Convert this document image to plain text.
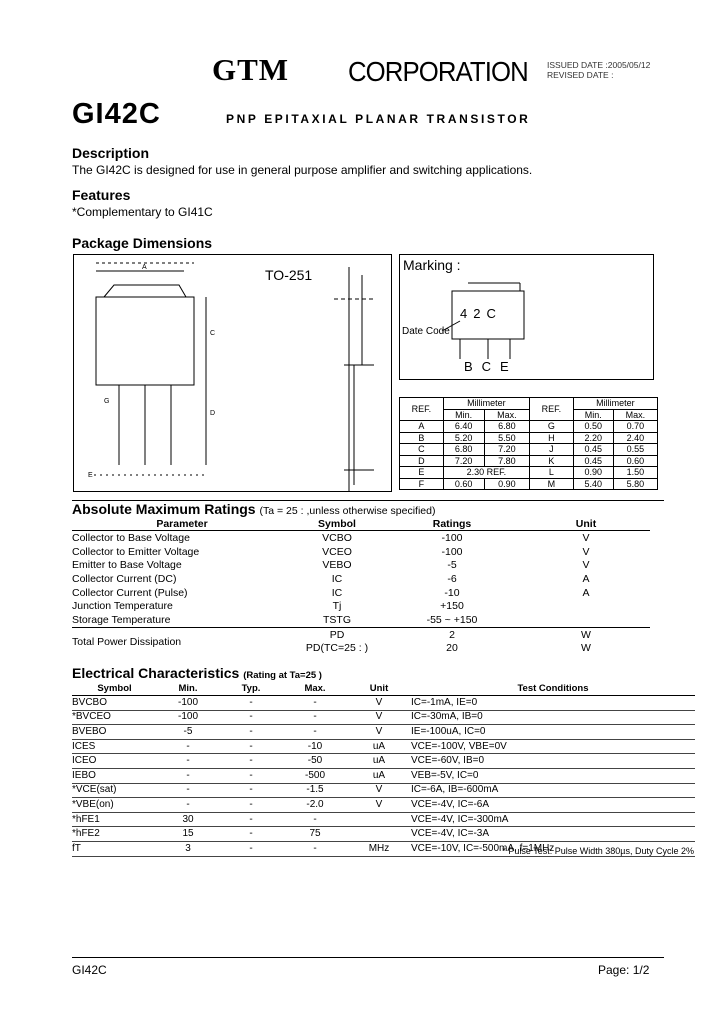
GTM CORPORATION ISSUED DATE :2005/05/12
REVISED DATE :
GI42C	PNP EPITAXIAL PLANAR TRANSISTOR
Description
The GI42C is designed for use in general purpose amplifier and switching applications.
Features
*Complementary to GI41C
Package Dimensions
A
C
D
G
E
TO-251
Marking :
42C
Date Code
BCE
REF.	Millimeter		REF.	Millimeter	
	Min.	Max.		Min.	Max.
A	6.40	6.80	G	0.50	0.70
B	5.20	5.50	H	2.20	2.40
C	6.80	7.20	J	0.45	0.55
D	7.20	7.80	K	0.45	0.60
E	2.30 REF.		L	0.90	1.50
F	0.60	0.90	M	5.40	5.80
Absolute Maximum Ratings (Ta = 25 : ,unless otherwise specified)
Parameter	Symbol	Ratings	Unit
Collector to Base Voltage	VCBO	-100	V
Collector to Emitter Voltage	VCEO	-100	V
Emitter to Base Voltage	VEBO	-5	V
Collector Current (DC)	IC	-6	A
Collector Current (Pulse)	IC	-10	A
Junction Temperature	Tj	+150	
Storage Temperature	TSTG	-55 ~ +150	
Total Power Dissipation	PD	2	W
	PD(TC=25 : )	20	W
Electrical Characteristics (Rating at Ta=25 )
Symbol	Min.	Typ.	Max.	Unit	Test Conditions
BVCBO	-100	-	-	V	IC=-1mA, IE=0
*BVCEO	-100	-	-	V	IC=-30mA, IB=0
BVEBO	-5	-	-	V	IE=-100uA, IC=0
ICES	-	-	-10	uA	VCE=-100V, VBE=0V
ICEO	-	-	-50	uA	VCE=-60V, IB=0
IEBO	-	-	-500	uA	VEB=-5V, IC=0
*VCE(sat)	-	-	-1.5	V	IC=-6A, IB=-600mA
*VBE(on)	-	-	-2.0	V	VCE=-4V, IC=-6A
*hFE1	30	-	-		VCE=-4V, IC=-300mA
*hFE2	15	-	75		VCE=-4V, IC=-3A
fT	3	-	-	MHz	VCE=-10V, IC=-500mA, f=1MHz
* Pulse Test: Pulse Width 380µs, Duty Cycle 2%
GI42C	Page: 1/2
